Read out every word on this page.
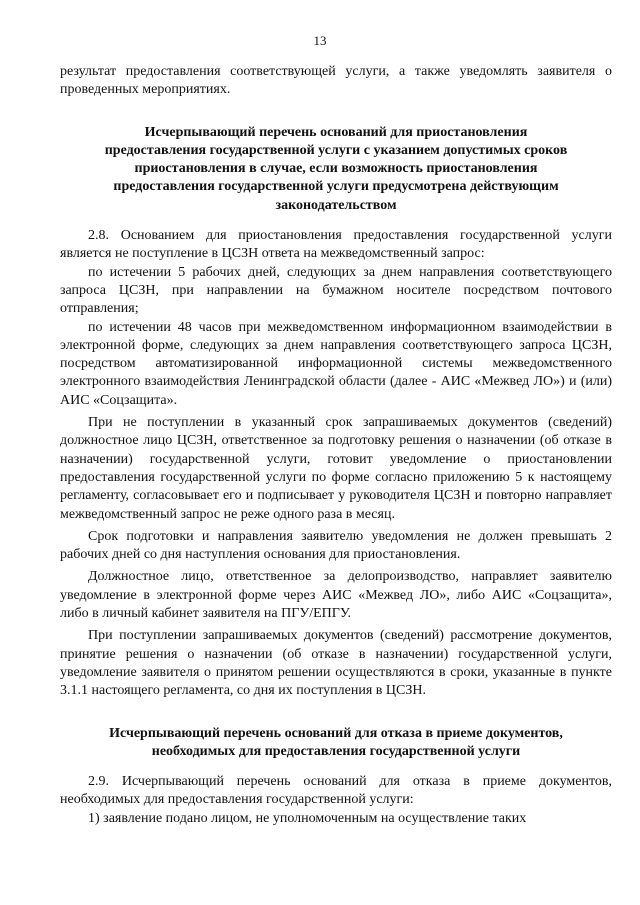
13

результат предоставления соответствующей услуги, а также уведомлять заявителя о проведенных мероприятиях.

Исчерпывающий перечень оснований для приостановления предоставления государственной услуги с указанием допустимых сроков приостановления в случае, если возможность приостановления предоставления государственной услуги предусмотрена действующим законодательством

2.8. Основанием для приостановления предоставления государственной услуги является не поступление в ЦСЗН ответа на межведомственный запрос:

по истечении 5 рабочих дней, следующих за днем направления соответствующего запроса ЦСЗН, при направлении на бумажном носителе посредством почтового отправления;

по истечении 48 часов при межведомственном информационном взаимодействии в электронной форме, следующих за днем направления соответствующего запроса ЦСЗН, посредством автоматизированной информационной системы межведомственного электронного взаимодействия Ленинградской области (далее - АИС «Межвед ЛО») и (или) АИС «Соцзащита».

При не поступлении в указанный срок запрашиваемых документов (сведений) должностное лицо ЦСЗН, ответственное за подготовку решения о назначении (об отказе в назначении) государственной услуги, готовит уведомление о приостановлении предоставления государственной услуги по форме согласно приложению 5 к настоящему регламенту, согласовывает его и подписывает у руководителя ЦСЗН и повторно направляет межведомственный запрос не реже одного раза в месяц.

Срок подготовки и направления заявителю уведомления не должен превышать 2 рабочих дней со дня наступления основания для приостановления.

Должностное лицо, ответственное за делопроизводство, направляет заявителю уведомление в электронной форме через АИС «Межвед ЛО», либо АИС «Соцзащита», либо в личный кабинет заявителя на ПГУ/ЕПГУ.

При поступлении запрашиваемых документов (сведений) рассмотрение документов, принятие решения о назначении (об отказе в назначении) государственной услуги, уведомление заявителя о принятом решении осуществляются в сроки, указанные в пункте 3.1.1 настоящего регламента, со дня их поступления в ЦСЗН.

Исчерпывающий перечень оснований для отказа в приеме документов, необходимых для предоставления государственной услуги

2.9. Исчерпывающий перечень оснований для отказа в приеме документов, необходимых для предоставления государственной услуги:

1) заявление подано лицом, не уполномоченным на осуществление таких
